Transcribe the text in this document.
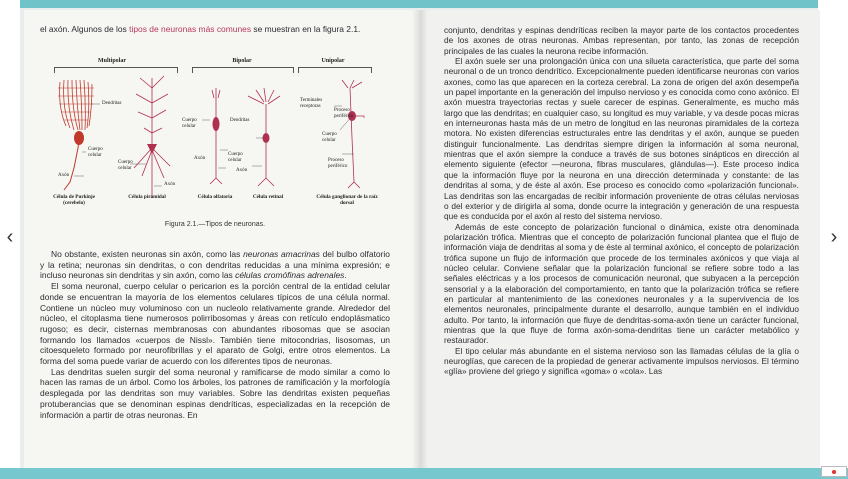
‹	›

el axón. Algunos de los tipos de neuronas más comunes se muestran en la figura 2.1.

Multipolar	Bipolar	Unipolar
Dendritas
Cuerpo celular
Axón
Cuerpo celular
Axón
Cuerpo celular
Dendritas
Axón
Cuerpo celular
Axón
Terminales receptoras
Proceso periférico
Cuerpo celular
Proceso periférico
Célula de Purkinje (cerebelo)
Célula piramidal	Célula olfatoria	Célula retinal	Célula ganglionar de la raíz dorsal
Figura 2.1.—Tipos de neuronas.

No obstante, existen neuronas sin axón, como las neuronas amacrinas del bulbo olfatorio y la retina; neuronas sin dendritas, o con dendritas reducidas a una mínima expresión; e incluso neuronas sin dendritas y sin axón, como las células cromófinas adrenales.

El soma neuronal, cuerpo celular o pericarion es la porción central de la entidad celular donde se encuentran la mayoría de los elementos celulares típicos de una célula normal. Contiene un núcleo muy voluminoso con un nucleolo relativamente grande. Alrededor del núcleo, el citoplasma tiene numerosos polirribosomas y áreas con retículo endoplásmatico rugoso; es decir, cisternas membranosas con abundantes ribosomas que se asocian formando los llamados «cuerpos de Nissl». También tiene mitocondrias, lisosomas, un citoesqueleto formado por neurofibrillas y el aparato de Golgi, entre otros elementos. La forma del soma puede variar de acuerdo con los diferentes tipos de neuronas.

Las dendritas suelen surgir del soma neuronal y ramificarse de modo similar a como lo hacen las ramas de un árbol. Como los árboles, los patrones de ramificación y la morfología desplegada por las dendritas son muy variables. Sobre las dendritas existen pequeñas protuberancias que se denominan espinas dendríticas, especializadas en la recepción de información a partir de otras neuronas. En

conjunto, dendritas y espinas dendríticas reciben la mayor parte de los contactos procedentes de los axones de otras neuronas. Ambas representan, por tanto, las zonas de recepción principales de las cuales la neurona recibe información.

El axón suele ser una prolongación única con una silueta característica, que parte del soma neuronal o de un tronco dendrítico. Excepcionalmente pueden identificarse neuronas con varios axones, como las que aparecen en la corteza cerebral. La zona de origen del axón desempeña un papel importante en la generación del impulso nervioso y es conocida como cono axónico. El axón muestra trayectorias rectas y suele carecer de espinas. Generalmente, es mucho más largo que las dendritas; en cualquier caso, su longitud es muy variable, y va desde pocas micras en interneuronas hasta más de un metro de longitud en las neuronas piramidales de la corteza motora. No existen diferencias estructurales entre las dendritas y el axón, aunque se pueden distinguir funcionalmente. Las dendritas siempre dirigen la información al soma neuronal, mientras que el axón siempre la conduce a través de sus botones sinápticos en dirección al elemento siguiente (efector —neurona, fibras musculares, glándulas—). Este proceso indica que la información fluye por la neurona en una dirección determinada y constante: de las dendritas al soma, y de éste al axón. Ese proceso es conocido como «polarización funcional». Las dendritas son las encargadas de recibir información proveniente de otras células nerviosas o del exterior y de dirigirla al soma, donde ocurre la integración y generación de una respuesta que es conducida por el axón al resto del sistema nervioso.

Además de este concepto de polarización funcional o dinámica, existe otra denominada polarización trófica. Mientras que el concepto de polarización funcional plantea que el flujo de información viaja de dendritas al soma y de éste al terminal axónico, el concepto de polarización trófica supone un flujo de información que procede de los terminales axónicos y que viaja al núcleo celular. Conviene señalar que la polarización funcional se refiere sobre todo a las señales eléctricas y a los procesos de comunicación neuronal, que subyacen a la percepción sensorial y a la elaboración del comportamiento, en tanto que la polarización trófica se refiere en particular al mantenimiento de las conexiones neuronales y a la supervivencia de los elementos neuronales, principalmente durante el desarrollo, aunque también en el individuo adulto. Por tanto, la información que fluye de dendritas-soma-axón tiene un carácter funcional, mientras que la que fluye de forma axón-soma-dendritas tiene un carácter metabólico y restaurador.

El tipo celular más abundante en el sistema nervioso son las llamadas células de la glía o neuroglías, que carecen de la propiedad de generar activamente impulsos nerviosos. El término «glía» proviene del griego y significa «goma» o «cola». Las
